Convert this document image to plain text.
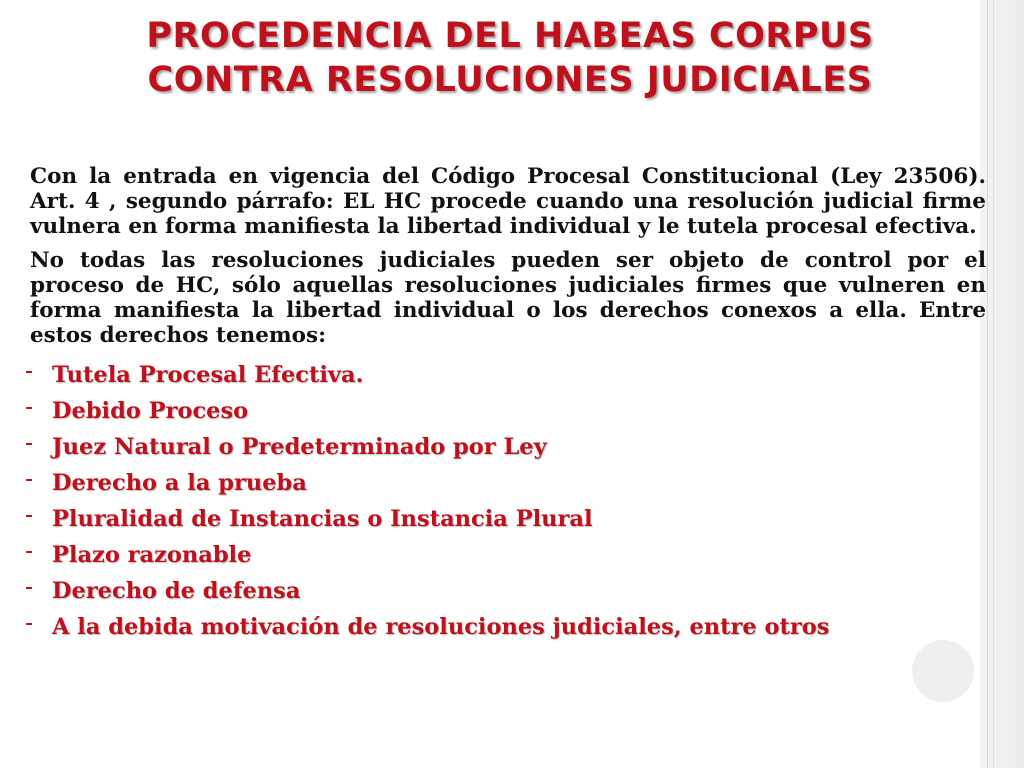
PROCEDENCIA DEL HABEAS CORPUS
CONTRA RESOLUCIONES JUDICIALES

Con la entrada en vigencia del Código Procesal Constitucional (Ley 23506). Art. 4 , segundo párrafo: EL HC procede cuando una resolución judicial firme vulnera en forma manifiesta la libertad individual y le tutela procesal efectiva.

No todas las resoluciones judiciales pueden ser objeto de control por el proceso de HC, sólo aquellas resoluciones judiciales firmes que vulneren en forma manifiesta la libertad individual o los derechos conexos a ella. Entre estos derechos tenemos:

Tutela Procesal Efectiva.
Debido Proceso
Juez Natural o Predeterminado por Ley
Derecho a la prueba
Pluralidad de Instancias o Instancia Plural
Plazo razonable
Derecho de defensa
A la debida motivación de resoluciones judiciales, entre otros
